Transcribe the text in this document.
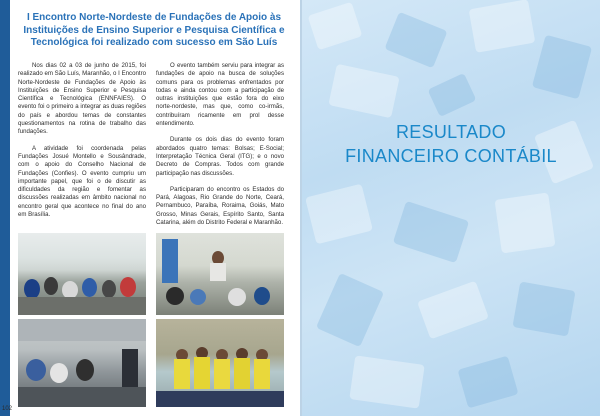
I Encontro Norte-Nordeste de Fundações de Apoio às Instituições de Ensino Superior e Pesquisa Científica e Tecnológica foi realizado com sucesso em São Luís

Nos dias 02 a 03 de junho de 2015, foi realizado em São Luís, Maranhão, o I Encontro Norte-Nordeste de Fundações de Apoio às Instituições de Ensino Superior e Pesquisa Científica e Tecnológica (ENNFAIES). O evento foi o primeiro a integrar as duas regiões do país e abordou temas de constantes questionamentos na rotina de trabalho das fundações.

A atividade foi coordenada pelas Fundações Josué Montello e Sousândrade, com o apoio do Conselho Nacional de Fundações (Confies). O evento cumpriu um importante papel, que foi o de discutir as dificuldades da região e fomentar as discussões realizadas em âmbito nacional no encontro geral que acontece no final do ano em Brasília.

O evento também serviu para integrar as fundações de apoio na busca de soluções comuns para os problemas enfrentados por todas e ainda contou com a participação de outras instituições que estão fora do eixo norte-nordeste, mas que, como co-irmãs, contribuíram ricamente em prol desse entendimento.

Durante os dois dias do evento foram abordados quatro temas: Bolsas; E-Social; Interpretação Técnica Geral (ITG); e o novo Decreto de Compras. Todos com grande participação nas discussões.

Participaram do encontro os Estados do Pará, Alagoas, Rio Grande do Norte, Ceará, Pernambuco, Paraíba, Roraima, Goiás, Mato Grosso, Minas Gerais, Espírito Santo, Santa Catarina, além do Distrito Federal e Maranhão.

102
RESULTADO
FINANCEIRO CONTÁBIL
